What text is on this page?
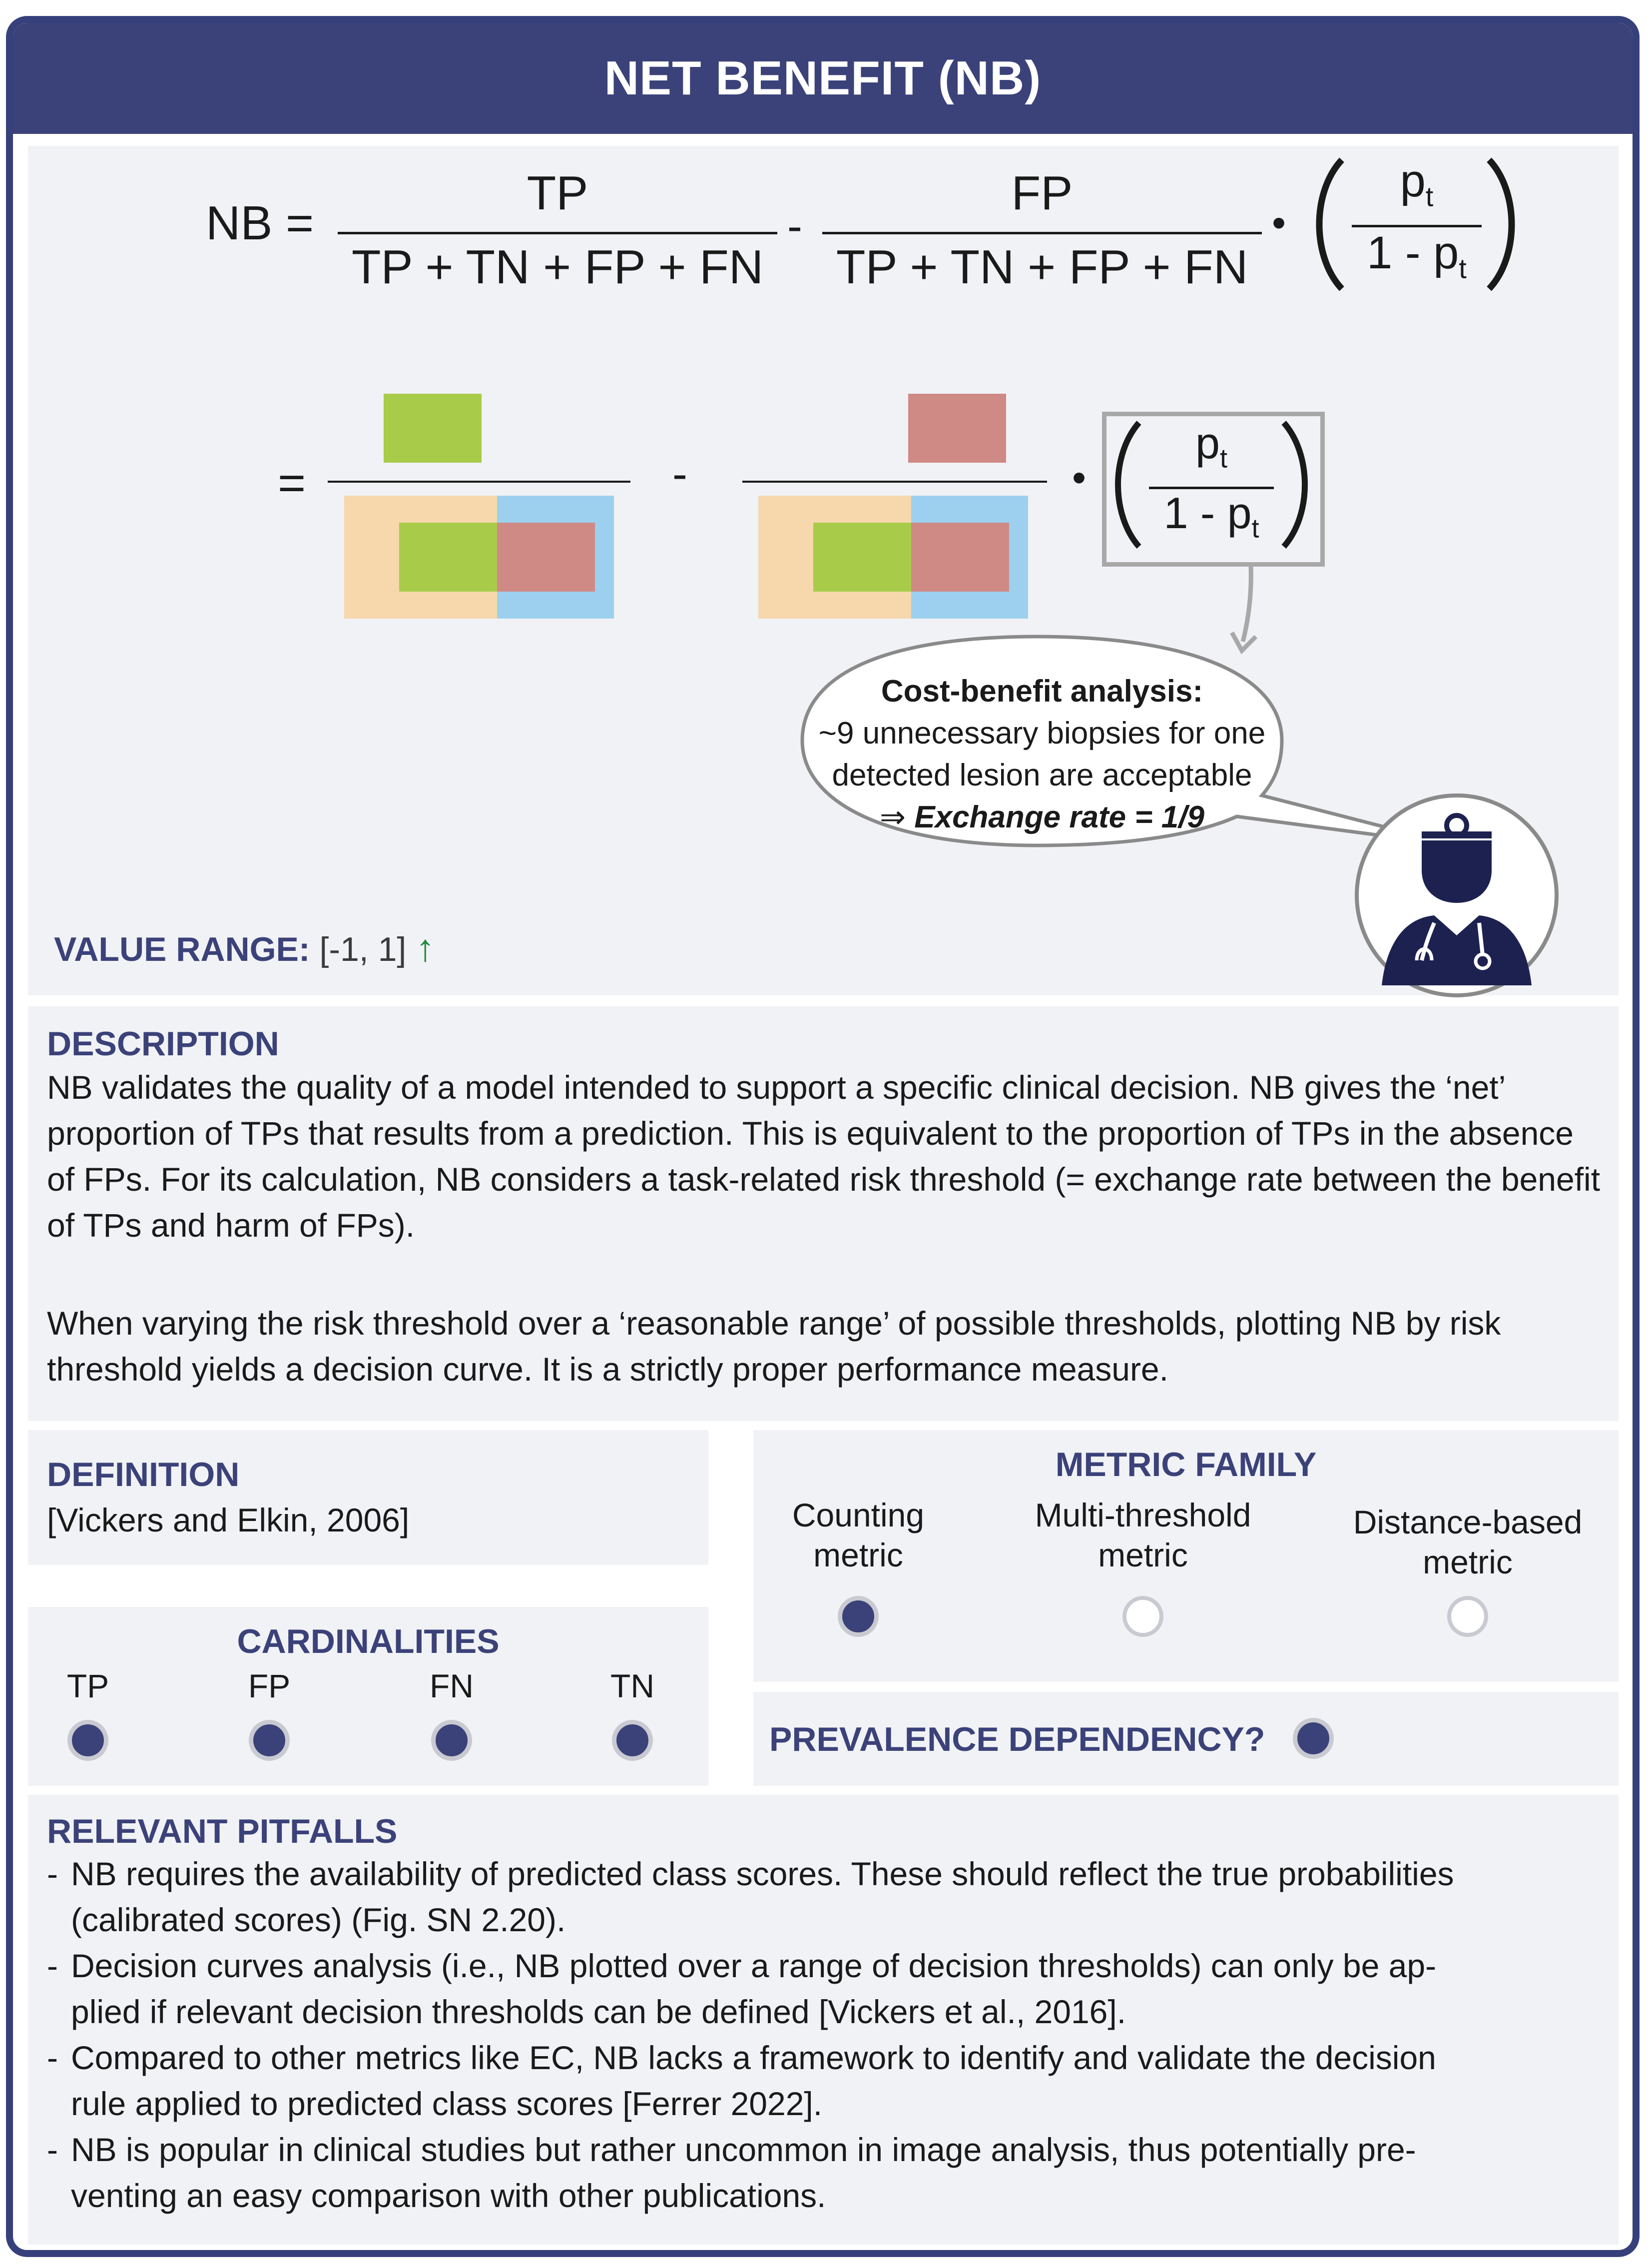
NET BENEFIT (NB)
NB =
TP
TP + TN + FP + FN
-
FP
TP + TN + FP + FN
•
$p_t$
$1 - p_t$
=	-	•
$p_t$
$1 - p_t$
Cost-benefit analysis:
~9 unnecessary biopsies for one
detected lesion are acceptable
⇒ Exchange rate = 1/9
VALUE RANGE: [-1, 1] ↑
DESCRIPTION
NB validates the quality of a model intended to support a specific clinical decision. NB gives the ‘net’ proportion of TPs that results from a prediction. This is equivalent to the proportion of TPs in the absence of FPs. For its calculation, NB considers a task-related risk threshold (= exchange rate between the benefit of TPs and harm of FPs).
When varying the risk threshold over a ‘reasonable range’ of possible thresholds, plotting NB by risk threshold yields a decision curve. It is a strictly proper performance measure.
DEFINITION
[Vickers and Elkin, 2006]
CARDINALITIES
TP	FP	FN	TN
METRIC FAMILY
Counting
metric
Multi-threshold
metric
Distance-based
metric
PREVALENCE DEPENDENCY?
RELEVANT PITFALLS
- NB requires the availability of predicted class scores. These should reflect the true probabilities
(calibrated scores) (Fig. SN 2.20).
- Decision curves analysis (i.e., NB plotted over a range of decision thresholds) can only be ap-
plied if relevant decision thresholds can be defined [Vickers et al., 2016].
- Compared to other metrics like EC, NB lacks a framework to identify and validate the decision
rule applied to predicted class scores [Ferrer 2022].
- NB is popular in clinical studies but rather uncommon in image analysis, thus potentially pre-
venting an easy comparison with other publications.
